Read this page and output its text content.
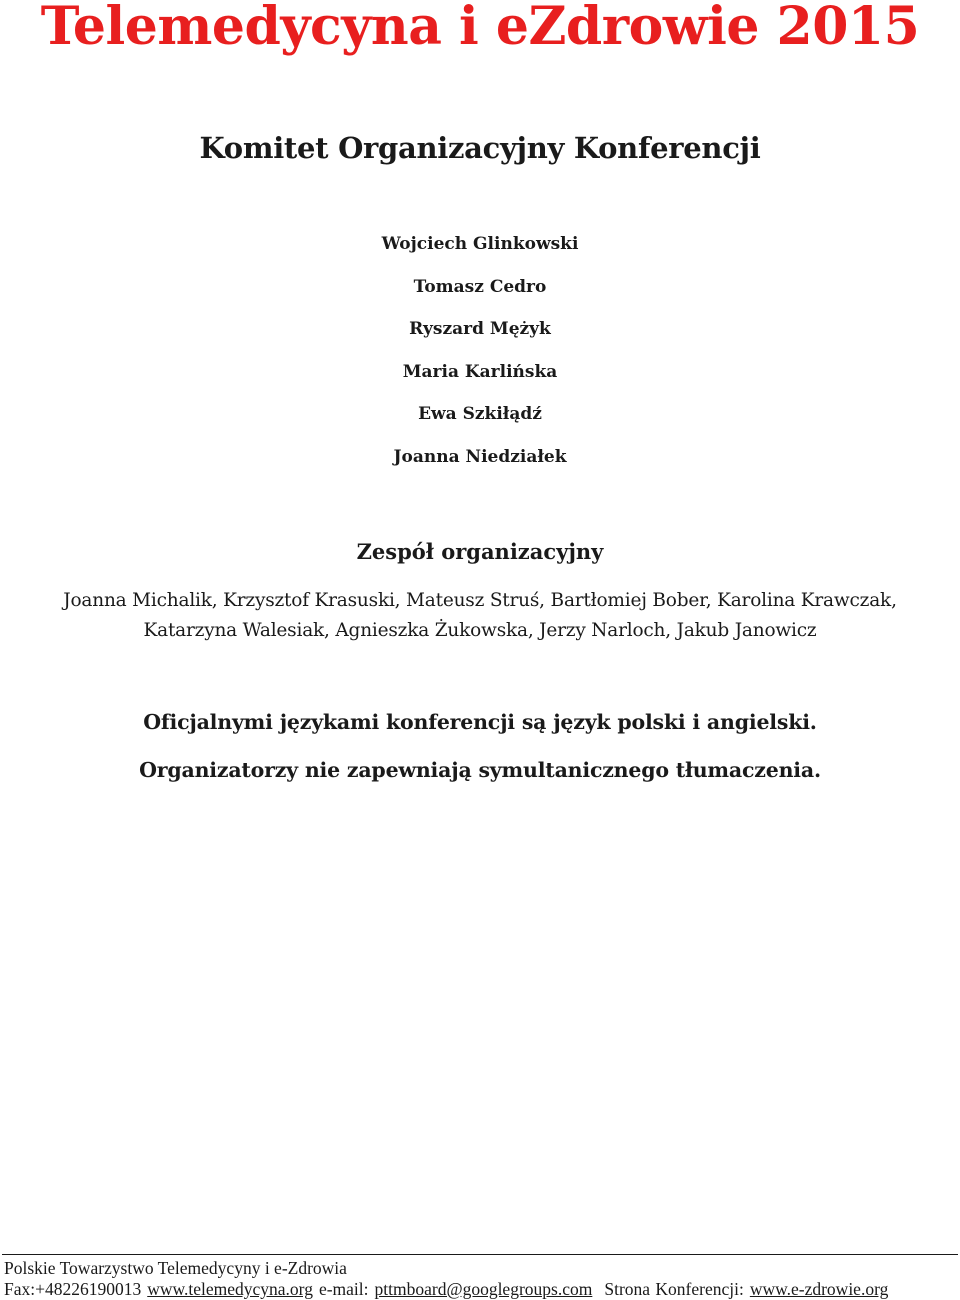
Telemedycyna i eZdrowie 2015
Komitet Organizacyjny Konferencji
Wojciech Glinkowski
Tomasz Cedro
Ryszard Mężyk
Maria Karlińska
Ewa Szkiłądź
Joanna Niedziałek
Zespół organizacyjny
Joanna Michalik, Krzysztof Krasuski, Mateusz Struś, Bartłomiej Bober, Karolina Krawczak,
Katarzyna Walesiak, Agnieszka Żukowska, Jerzy Narloch, Jakub Janowicz
Oficjalnymi językami konferencji są język polski i angielski.
Organizatorzy nie zapewniają symultanicznego tłumaczenia.
Polskie Towarzystwo Telemedycyny i e-Zdrowia
Fax:+48226190013 www.telemedycyna.org e-mail: pttmboard@googlegroups.com Strona Konferencji: www.e-zdrowie.org
